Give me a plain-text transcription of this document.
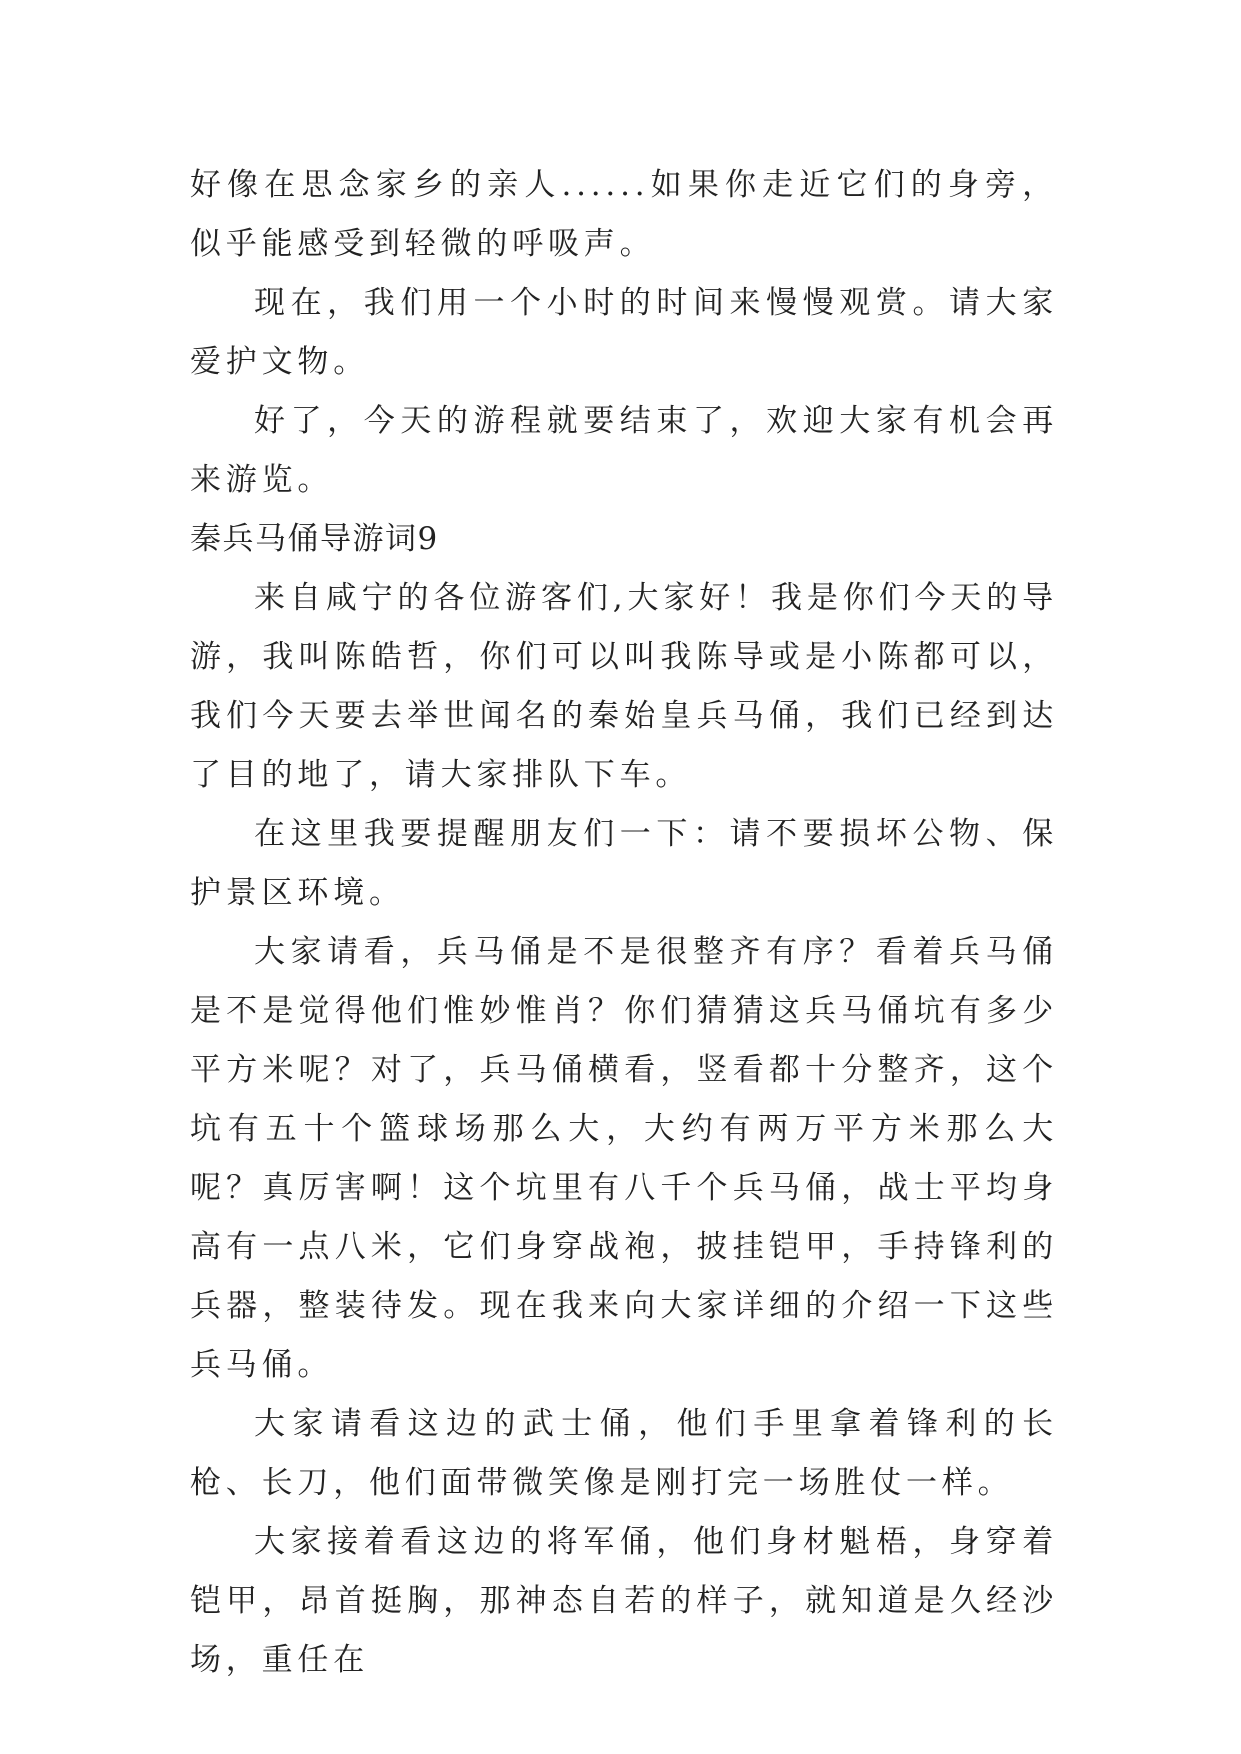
好像在思念家乡的亲人......如果你走近它们的身旁，似乎能感受到轻微的呼吸声。

现在，我们用一个小时的时间来慢慢观赏。请大家爱护文物。

好了，今天的游程就要结束了，欢迎大家有机会再来游览。

秦兵马俑导游词9

来自咸宁的各位游客们,大家好！我是你们今天的导游，我叫陈皓哲，你们可以叫我陈导或是小陈都可以，我们今天要去举世闻名的秦始皇兵马俑，我们已经到达了目的地了，请大家排队下车。

在这里我要提醒朋友们一下：请不要损坏公物、保护景区环境。

大家请看，兵马俑是不是很整齐有序？看着兵马俑是不是觉得他们惟妙惟肖？你们猜猜这兵马俑坑有多少平方米呢？对了，兵马俑横看，竖看都十分整齐，这个坑有五十个篮球场那么大，大约有两万平方米那么大呢？真厉害啊！这个坑里有八千个兵马俑，战士平均身高有一点八米，它们身穿战袍，披挂铠甲，手持锋利的兵器，整装待发。现在我来向大家详细的介绍一下这些兵马俑。

大家请看这边的武士俑，他们手里拿着锋利的长枪、长刀，他们面带微笑像是刚打完一场胜仗一样。

大家接着看这边的将军俑，他们身材魁梧，身穿着铠甲，昂首挺胸，那神态自若的样子，就知道是久经沙场，重任在
